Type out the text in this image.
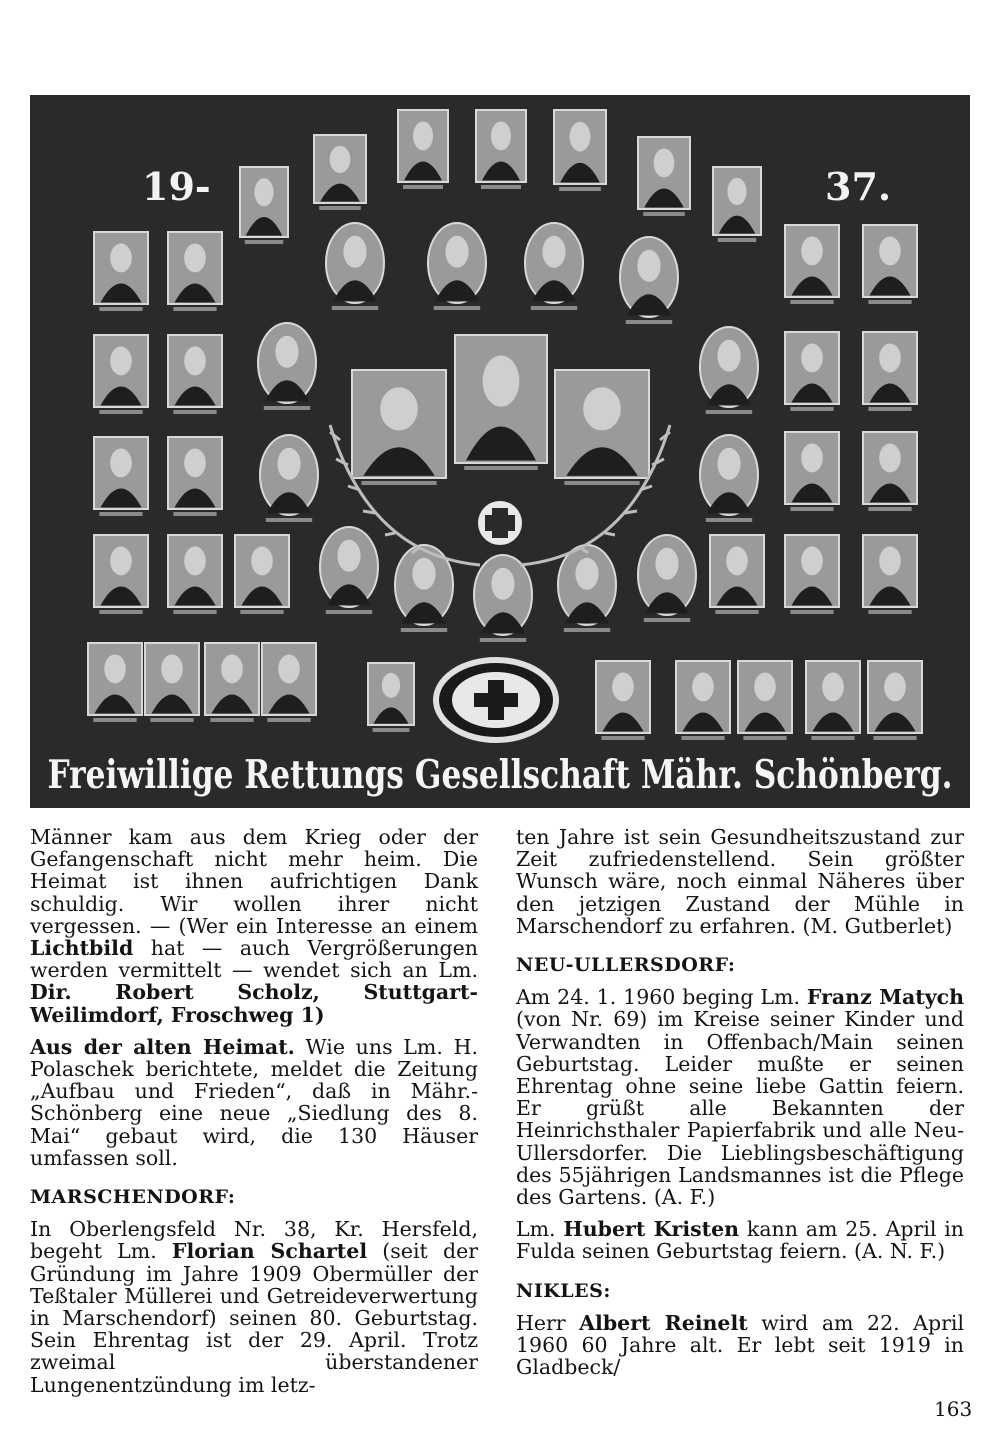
19-	37.
Freiwillige Rettungs Gesellschaft Mähr. Schönberg.

Männer kam aus dem Krieg oder der Gefangenschaft nicht mehr heim. Die Heimat ist ihnen aufrichtigen Dank schuldig. Wir wollen ihrer nicht vergessen. — (Wer ein Interesse an einem Lichtbild hat — auch Vergrößerungen werden vermittelt — wendet sich an Lm. Dir. Robert Scholz, Stuttgart-Weilimdorf, Froschweg 1)

Aus der alten Heimat. Wie uns Lm. H. Polaschek berichtete, meldet die Zeitung „Aufbau und Frieden“, daß in Mähr.-Schönberg eine neue „Siedlung des 8. Mai“ gebaut wird, die 130 Häuser umfassen soll.

MARSCHENDORF:

In Oberlengsfeld Nr. 38, Kr. Hersfeld, begeht Lm. Florian Schartel (seit der Gründung im Jahre 1909 Obermüller der Teßtaler Müllerei und Getreideverwertung in Marschendorf) seinen 80. Geburtstag. Sein Ehrentag ist der 29. April. Trotz zweimal überstandener Lungenentzündung im letz-

ten Jahre ist sein Gesundheitszustand zur Zeit zufriedenstellend. Sein größter Wunsch wäre, noch einmal Näheres über den jetzigen Zustand der Mühle in Marschendorf zu erfahren. (M. Gutberlet)

NEU-ULLERSDORF:

Am 24. 1. 1960 beging Lm. Franz Matych (von Nr. 69) im Kreise seiner Kinder und Verwandten in Offenbach/Main seinen Geburtstag. Leider mußte er seinen Ehrentag ohne seine liebe Gattin feiern. Er grüßt alle Bekannten der Heinrichsthaler Papierfabrik und alle Neu-Ullersdorfer. Die Lieblingsbeschäftigung des 55jährigen Landsmannes ist die Pflege des Gartens. (A. F.)

Lm. Hubert Kristen kann am 25. April in Fulda seinen Geburtstag feiern. (A. N. F.)

NIKLES:

Herr Albert Reinelt wird am 22. April 1960 60 Jahre alt. Er lebt seit 1919 in Gladbeck/

163
